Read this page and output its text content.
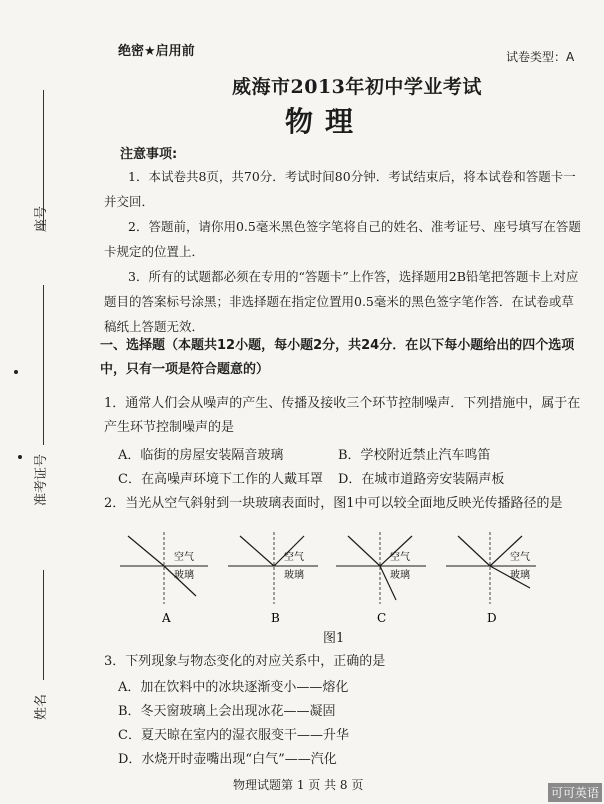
座号
准考证号
姓名
绝密★启用前	试卷类型：A
威海市2013年初中学业考试
物理
注意事项:
1．本试卷共8页，共70分．考试时间80分钟．考试结束后，将本试卷和答题卡一并交回．
2．答题前，请你用0.5毫米黑色签字笔将自己的姓名、准考证号、座号填写在答题卡规定的位置上．
3．所有的试题都必须在专用的“答题卡”上作答，选择题用2B铅笔把答题卡上对应题目的答案标号涂黑；非选择题在指定位置用0.5毫米的黑色签字笔作答．在试卷或草稿纸上答题无效．
一、选择题（本题共12小题，每小题2分，共24分．在以下每小题给出的四个选项中，只有一项是符合题意的）
1．通常人们会从噪声的产生、传播及接收三个环节控制噪声．下列措施中，属于在产生环节控制噪声的是
A．临街的房屋安装隔音玻璃	B．学校附近禁止汽车鸣笛
C．在高噪声环境下工作的人戴耳罩 D．在城市道路旁安装隔声板
2．当光从空气斜射到一块玻璃表面时，图1中可以较全面地反映光传播路径的是
空气
玻璃
A
空气
玻璃
B
空气
玻璃
C
空气
玻璃
D
图1
3．下列现象与物态变化的对应关系中，正确的是
A．加在饮料中的冰块逐渐变小——熔化
B．冬天窗玻璃上会出现冰花——凝固
C．夏天晾在室内的湿衣服变干——升华
D．水烧开时壶嘴出现“白气”——汽化
物理试题第 1 页 共 8 页
可可英语
